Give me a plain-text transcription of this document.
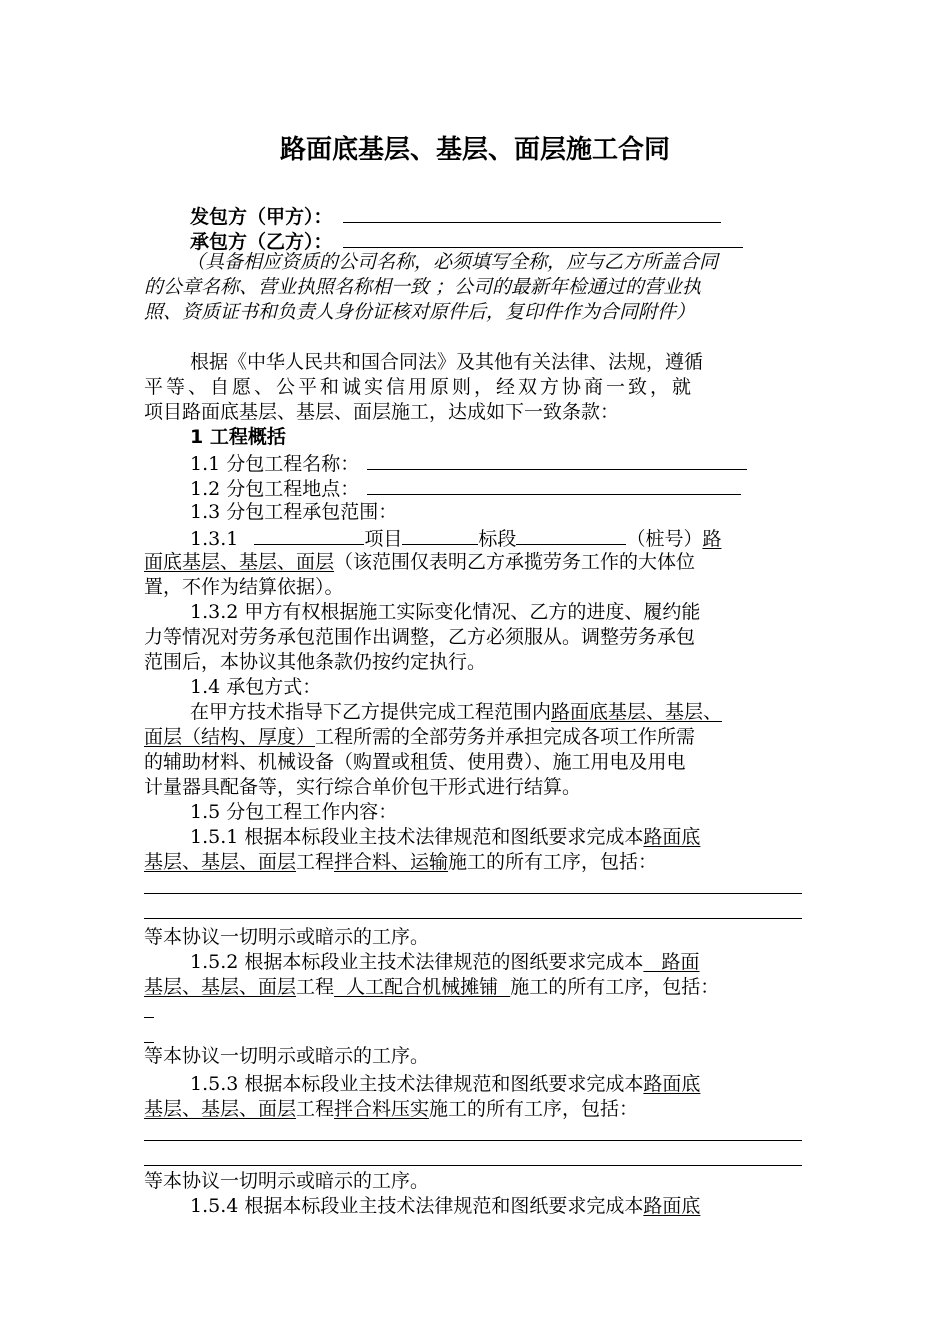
路面底基层、基层、面层施工合同
发包方（甲方）：
承包方（乙方）：
（具备相应资质的公司名称，必须填写全称，应与乙方所盖合同
的公章名称、营业执照名称相一致 ；公司的最新年检通过的营业执
照、资质证书和负责人身份证核对原件后，复印件作为合同附件）
根据《中华人民共和国合同法》及其他有关法律、法规，遵循
平等、自愿、公平和诚实信用原则，经双方协商一致，就
项目路面底基层、基层、面层施工，达成如下一致条款：
1 工程概括
1.1 分包工程名称：
1.2 分包工程地点：
1.3 分包工程承包范围：
1.3.1	项目	标段	（桩号）路
面底基层、基层、面层（该范围仅表明乙方承揽劳务工作的大体位
置，不作为结算依据）。
1.3.2 甲方有权根据施工实际变化情况、乙方的进度、履约能
力等情况对劳务承包范围作出调整，乙方必须服从。调整劳务承包
范围后，本协议其他条款仍按约定执行。
1.4 承包方式：
在甲方技术指导下乙方提供完成工程范围内路面底基层、基层、
面层（结构、厚度）工程所需的全部劳务并承担完成各项工作所需
的辅助材料、机械设备（购置或租赁、使用费）、施工用电及用电
计量器具配备等，实行综合单价包干形式进行结算。
1.5 分包工程工作内容：
1.5.1 根据本标段业主技术法律规范和图纸要求完成本路面底
基层、基层、面层工程拌合料、运输施工的所有工序，包括：
等本协议一切明示或暗示的工序。
1.5.2 根据本标段业主技术法律规范的图纸要求完成本   路面
基层、基层、面层工程  人工配合机械摊铺  施工的所有工序，包括：
等本协议一切明示或暗示的工序。
1.5.3 根据本标段业主技术法律规范和图纸要求完成本路面底
基层、基层、面层工程拌合料压实施工的所有工序，包括：
等本协议一切明示或暗示的工序。
1.5.4 根据本标段业主技术法律规范和图纸要求完成本路面底
